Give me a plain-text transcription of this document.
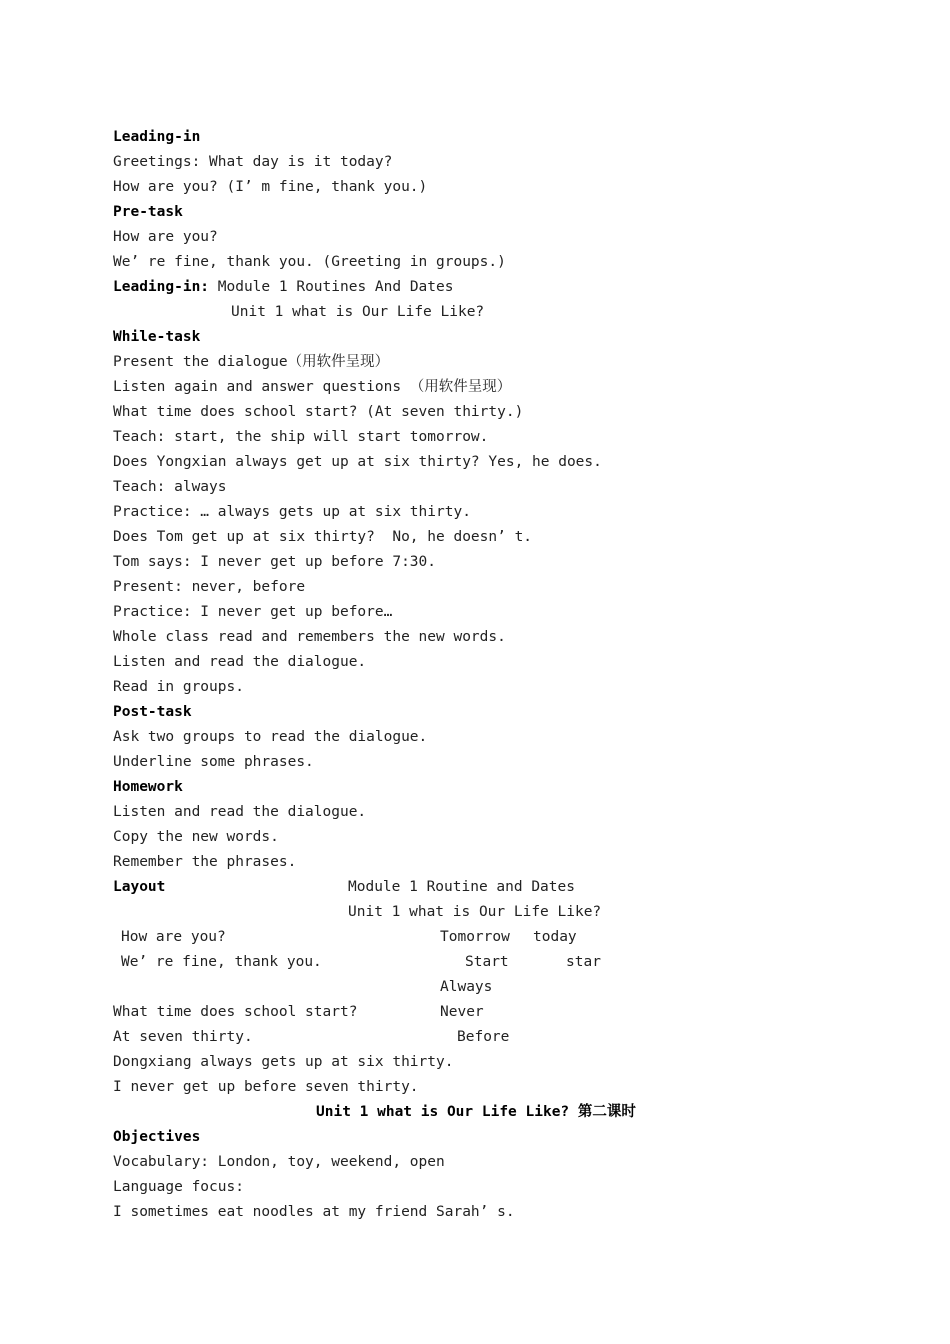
Leading-in
Greetings: What day is it today?
How are you? (I’ m fine, thank you.)
Pre-task
How are you?
We’ re fine, thank you. (Greeting in groups.)
Leading-in: Module 1 Routines And Dates
Unit 1 what is Our Life Like?
While-task
Present the dialogue（用软件呈现）
Listen again and answer questions （用软件呈现）
What time does school start? (At seven thirty.)
Teach: start, the ship will start tomorrow.
Does Yongxian always get up at six thirty? Yes, he does.
Teach: always
Practice: … always gets up at six thirty.
Does Tom get up at six thirty?  No, he doesn’ t.
Tom says: I never get up before 7:30.
Present: never, before
Practice: I never get up before…
Whole class read and remembers the new words.
Listen and read the dialogue.
Read in groups.
Post-task
Ask two groups to read the dialogue.
Underline some phrases.
Homework
Listen and read the dialogue.
Copy the new words.
Remember the phrases.
Layout	Module 1 Routine and Dates
Unit 1 what is Our Life Like?
How are you?	Tomorrow today
We’ re fine, thank you.	Start	star
Always
What time does school start?	Never
At seven thirty.	Before
Dongxiang always gets up at six thirty.
I never get up before seven thirty.
Unit 1 what is Our Life Like? 第二课时
Objectives
Vocabulary: London, toy, weekend, open
Language focus:
I sometimes eat noodles at my friend Sarah’ s.
